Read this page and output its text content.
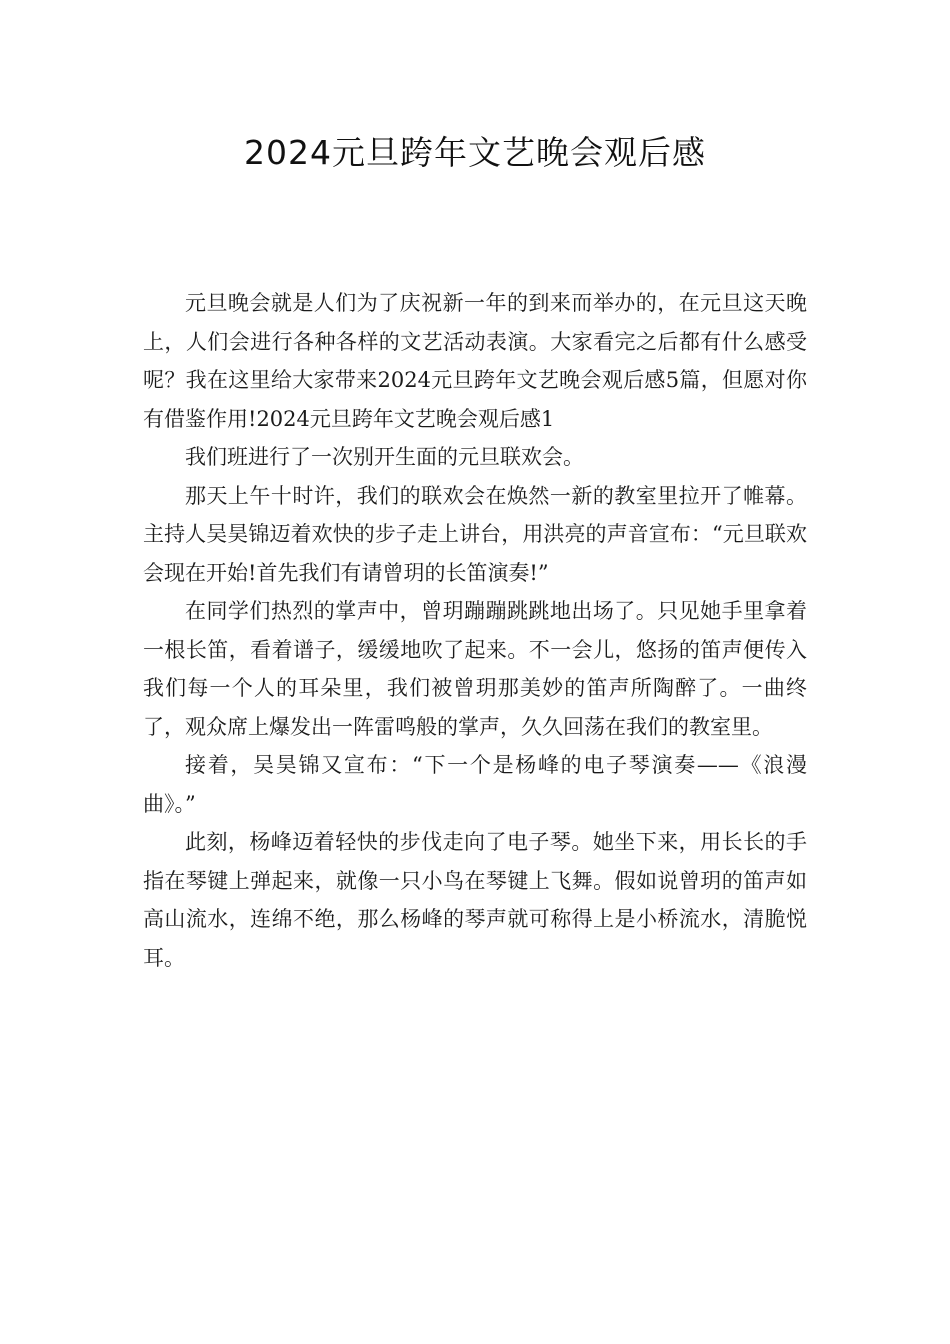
2024元旦跨年文艺晚会观后感

元旦晚会就是人们为了庆祝新一年的到来而举办的，在元旦这天晚上，人们会进行各种各样的文艺活动表演。大家看完之后都有什么感受呢？我在这里给大家带来2024元旦跨年文艺晚会观后感5篇，但愿对你有借鉴作用!2024元旦跨年文艺晚会观后感1

我们班进行了一次别开生面的元旦联欢会。

那天上午十时许，我们的联欢会在焕然一新的教室里拉开了帷幕。主持人吴昊锦迈着欢快的步子走上讲台，用洪亮的声音宣布：“元旦联欢会现在开始!首先我们有请曾玥的长笛演奏!”

在同学们热烈的掌声中，曾玥蹦蹦跳跳地出场了。只见她手里拿着一根长笛，看着谱子，缓缓地吹了起来。不一会儿，悠扬的笛声便传入我们每一个人的耳朵里，我们被曾玥那美妙的笛声所陶醉了。一曲终了，观众席上爆发出一阵雷鸣般的掌声，久久回荡在我们的教室里。

接着，吴昊锦又宣布：“下一个是杨峰的电子琴演奏——《浪漫曲》。”

此刻，杨峰迈着轻快的步伐走向了电子琴。她坐下来，用长长的手指在琴键上弹起来，就像一只小鸟在琴键上飞舞。假如说曾玥的笛声如高山流水，连绵不绝，那么杨峰的琴声就可称得上是小桥流水，清脆悦耳。
